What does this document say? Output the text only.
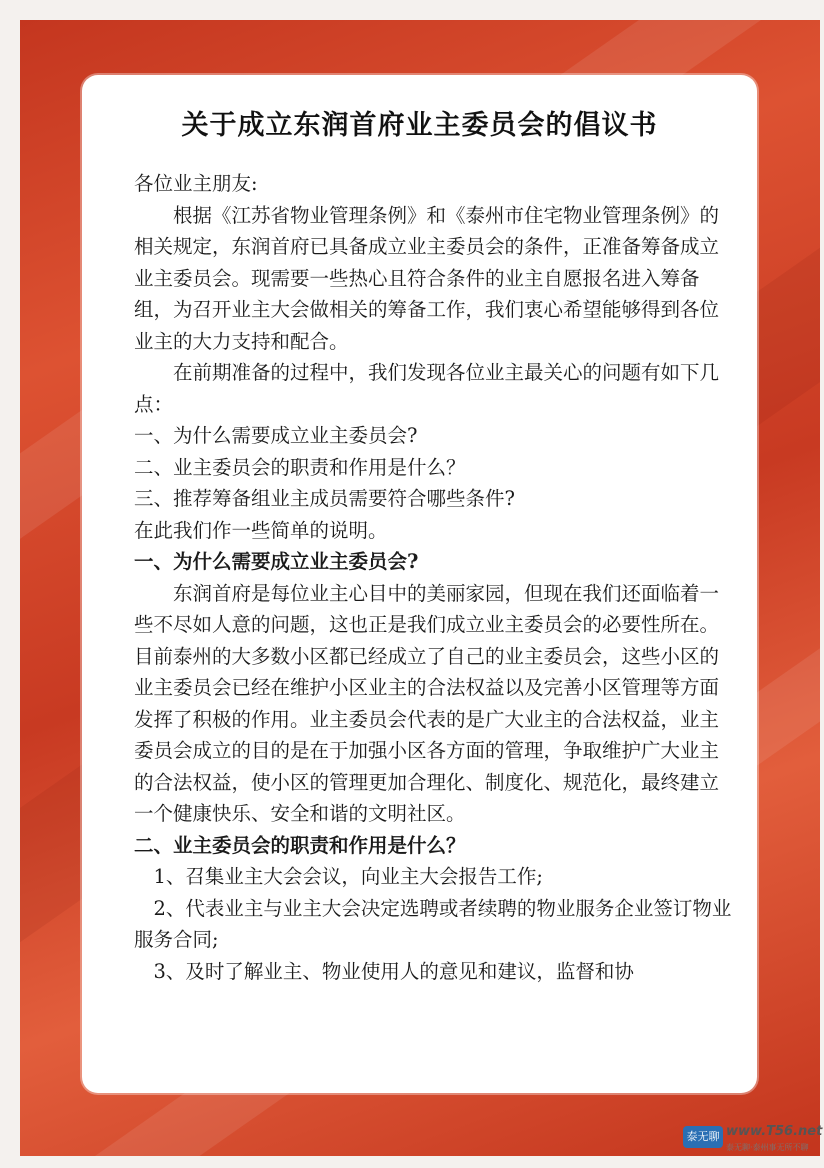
关于成立东润首府业主委员会的倡议书

各位业主朋友:

根据《江苏省物业管理条例》和《泰州市住宅物业管理条例》的相关规定，东润首府已具备成立业主委员会的条件，正准备筹备成立业主委员会。现需要一些热心且符合条件的业主自愿报名进入筹备组，为召开业主大会做相关的筹备工作，我们衷心希望能够得到各位业主的大力支持和配合。

在前期准备的过程中，我们发现各位业主最关心的问题有如下几点：

一、为什么需要成立业主委员会?

二、业主委员会的职责和作用是什么？

三、推荐筹备组业主成员需要符合哪些条件?

在此我们作一些简单的说明。

一、为什么需要成立业主委员会?

东润首府是每位业主心目中的美丽家园，但现在我们还面临着一些不尽如人意的问题，这也正是我们成立业主委员会的必要性所在。目前泰州的大多数小区都已经成立了自己的业主委员会，这些小区的业主委员会已经在维护小区业主的合法权益以及完善小区管理等方面发挥了积极的作用。业主委员会代表的是广大业主的合法权益，业主委员会成立的目的是在于加强小区各方面的管理，争取维护广大业主的合法权益，使小区的管理更加合理化、制度化、规范化，最终建立一个健康快乐、安全和谐的文明社区。

二、业主委员会的职责和作用是什么？

1、召集业主大会会议，向业主大会报告工作;

2、代表业主与业主大会决定选聘或者续聘的物业服务企业签订物业服务合同;

3、及时了解业主、物业使用人的意见和建议，监督和协

泰无聊 www.T56.net
泰无聊·泰州事无所不聊
